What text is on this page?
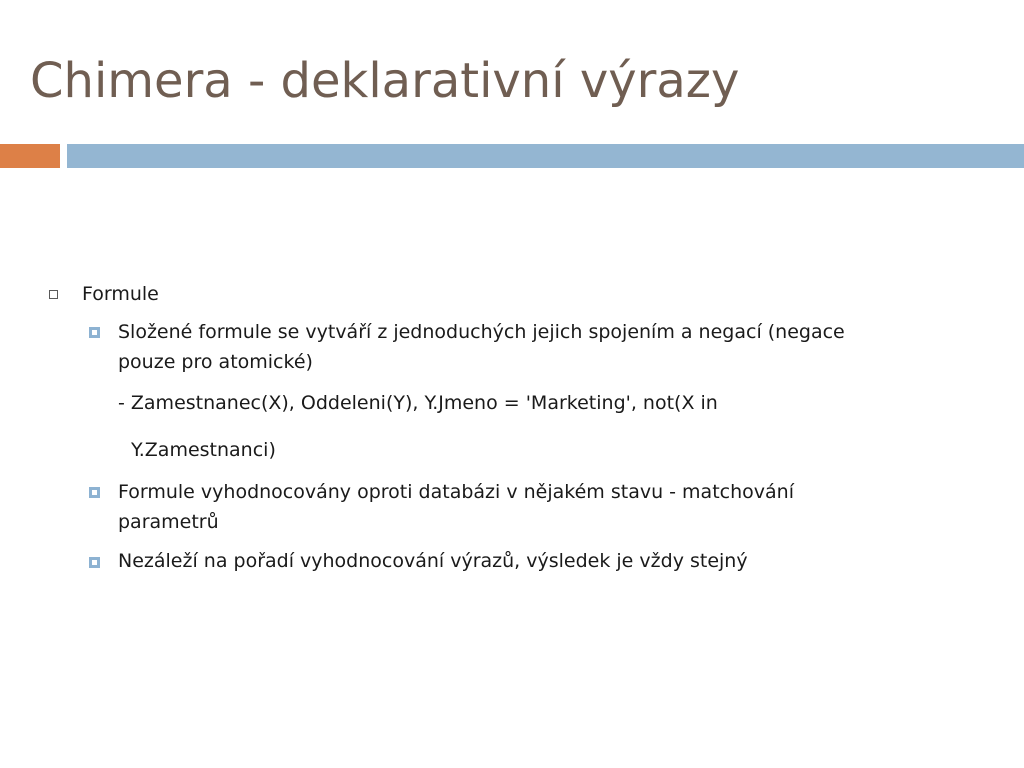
Chimera - deklarativní výrazy
Formule
Složené formule se vytváří z jednoduchých jejich spojením a negací (negace
pouze pro atomické)
- Zamestnanec(X), Oddeleni(Y), Y.Jmeno = 'Marketing', not(X in
Y.Zamestnanci)
Formule vyhodnocovány oproti databázi v nějakém stavu - matchování
parametrů
Nezáleží na pořadí vyhodnocování výrazů, výsledek je vždy stejný
